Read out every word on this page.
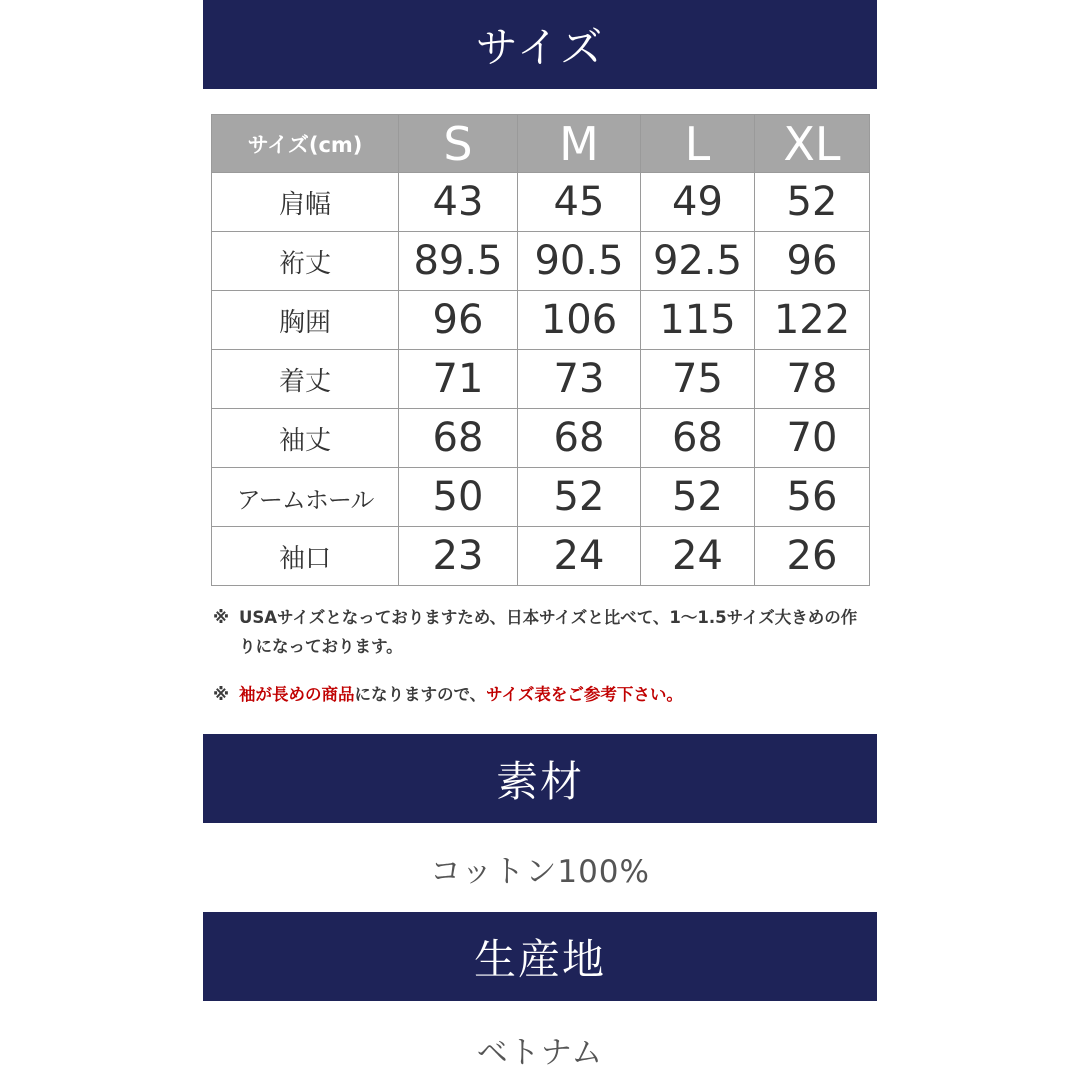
サイズ
サイズ(cm)	S	M	L	XL
肩幅	43	45	49	52
裄丈	89.5	90.5	92.5	96
胸囲	96	106	115	122
着丈	71	73	75	78
袖丈	68	68	68	70
アームホール	50	52	52	56
袖口	23	24	24	26
※ USAサイズとなっておりますため、日本サイズと比べて、1〜1.5サイズ大きめの作りになっております。
※ 袖が長めの商品になりますので、サイズ表をご参考下さい。
素材
コットン100%
生産地
ベトナム
